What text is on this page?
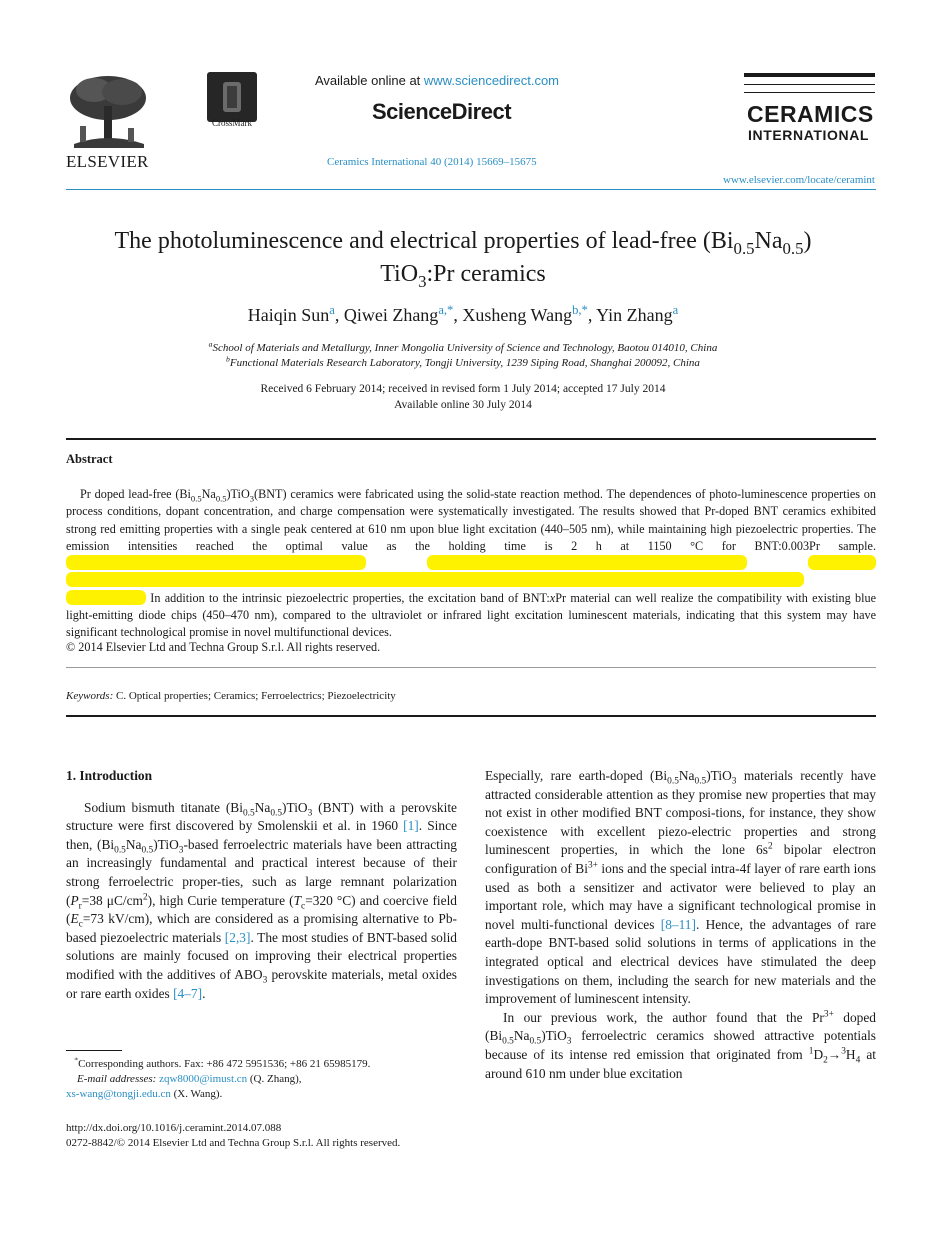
ELSEVIER
CrossMark
Available online at www.sciencedirect.com
ScienceDirect
Ceramics International 40 (2014) 15669–15675
CERAMICS
INTERNATIONAL
www.elsevier.com/locate/ceramint
The photoluminescence and electrical properties of lead-free $(Bi_{0.5}Na_{0.5})$
TiO$_3$:Pr ceramics
Haiqin Sun$^a$, Qiwei Zhang$^{a,*}$, Xusheng Wang$^{b,*}$, Yin Zhang$^a$
$^a$School of Materials and Metallurgy, Inner Mongolia University of Science and Technology, Baotou 014010, China
$^b$Functional Materials Research Laboratory, Tongji University, 1239 Siping Road, Shanghai 200092, China
Received 6 February 2014; received in revised form 1 July 2014; accepted 17 July 2014
Available online 30 July 2014
Abstract

Pr doped lead-free $(Bi_{0.5}Na_{0.5})TiO_3(BNT)$ ceramics were fabricated using the solid-state reaction method. The dependences of photo-luminescence properties on process conditions, dopant concentration, and charge compensation were systematically investigated. The results showed that Pr-doped BNT ceramics exhibited strong red emitting properties with a single peak centered at 610 nm upon blue light excitation (440–505 nm), while maintaining high piezoelectric properties. The emission intensities reached the optimal value as the holding time is 2 h at 1150 °C for BNT:0.003Pr sample.      In addition to the intrinsic piezoelectric properties, the excitation band of BNT:xPr material can well realize the compatibility with existing blue light-emitting diode chips (450–470 nm), compared to the ultraviolet or infrared light excitation luminescent materials, indicating that this system may have significant technological promise in novel multifunctional devices.

© 2014 Elsevier Ltd and Techna Group S.r.l. All rights reserved.
Keywords: C. Optical properties; Ceramics; Ferroelectrics; Piezoelectricity

1. Introduction

Sodium bismuth titanate $(Bi_{0.5}Na_{0.5})TiO_3$ (BNT) with a perovskite structure were first discovered by Smolenskii et al. in 1960 [1]. Since then, $(Bi_{0.5}Na_{0.5})TiO_3$-based ferroelectric materials have been attracting an increasingly fundamental and practical interest because of their strong ferroelectric proper-ties, such as large remnant polarization ($P_r=38$ $\mu C/cm^2$), high Curie temperature ($T_c=320$ °C) and coercive field ($E_c=73$ kV/cm), which are considered as a promising alternative to Pb-based piezoelectric materials [2,3]. The most studies of BNT-based solid solutions are mainly focused on improving their electrical properties modified with the additives of $ABO_3$ perovskite materials, metal oxides or rare earth oxides [4–7].

Especially, rare earth-doped $(Bi_{0.5}Na_{0.5})TiO_3$ materials recently have attracted considerable attention as they promise new properties that may not exist in other modified BNT composi-tions, for instance, they show coexistence with excellent piezo-electric properties and strong luminescent properties, in which the lone $6s^2$ bipolar electron configuration of $Bi^{3+}$ ions and the special intra-4f layer of rare earth ions used as both a sensitizer and activator were believed to play an important role, which may have a significant technological promise in novel multi-functional devices [8–11]. Hence, the advantages of rare earth-dope BNT-based solid solutions in terms of applications in the integrated optical and electrical devices have stimulated the deep investigations on them, including the search for new materials and the improvement of luminescent intensity.

In our previous work, the author found that the $Pr^{3+}$ doped $(Bi_{0.5}Na_{0.5})TiO_3$ ferroelectric ceramics showed attractive potentials because of its intense red emission that originated from $^1D_2\to^3H_4$ at around 610 nm under blue excitation

*Corresponding authors. Fax: +86 472 5951536; +86 21 65985179.
E-mail addresses: zqw8000@imust.cn (Q. Zhang),
xs-wang@tongji.edu.cn (X. Wang).
http://dx.doi.org/10.1016/j.ceramint.2014.07.088
0272-8842/© 2014 Elsevier Ltd and Techna Group S.r.l. All rights reserved.
